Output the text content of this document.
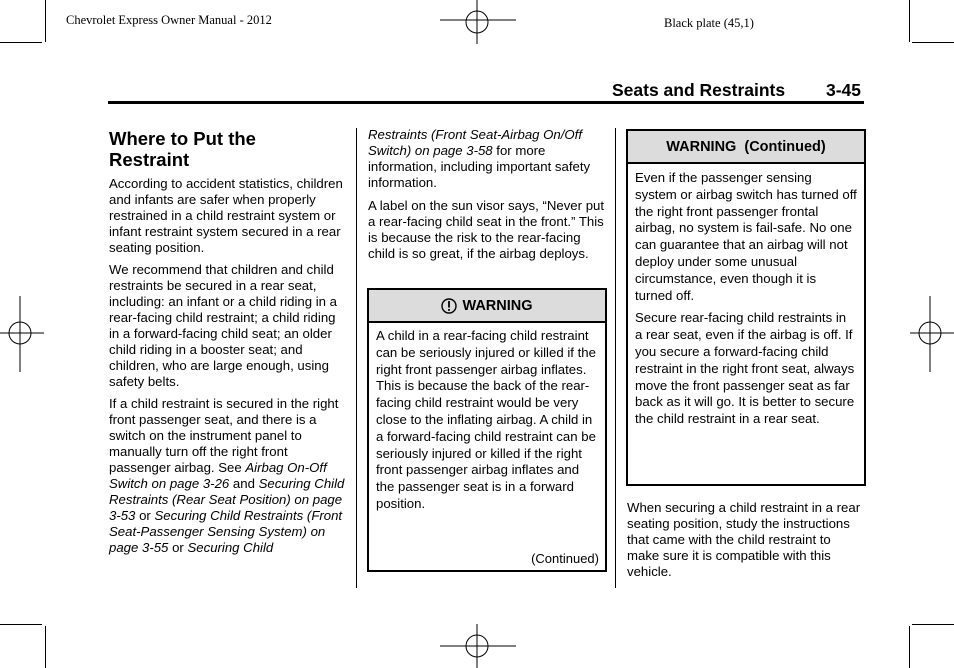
Chevrolet Express Owner Manual - 2012	Black plate (45,1)
Seats and Restraints 3-45
Where to Put the
Restraint

According to accident statistics, children and infants are safer when properly restrained in a child restraint system or infant restraint system secured in a rear seating position.

We recommend that children and child restraints be secured in a rear seat, including: an infant or a child riding in a rear-facing child restraint; a child riding in a forward-facing child seat; an older child riding in a booster seat; and children, who are large enough, using safety belts.

If a child restraint is secured in the right front passenger seat, and there is a switch on the instrument panel to manually turn off the right front passenger airbag. See Airbag On-Off Switch on page 3-26 and Securing Child Restraints (Rear Seat Position) on page 3-53 or Securing Child Restraints (Front Seat-Passenger Sensing System) on page 3-55 or Securing Child

Restraints (Front Seat-Airbag On/Off Switch) on page 3-58 for more information, including important safety information.

A label on the sun visor says, “Never put a rear-facing child seat in the front.” This is because the risk to the rear-facing child is so great, if the airbag deploys.

WARNING

A child in a rear-facing child restraint can be seriously injured or killed if the right front passenger airbag inflates. This is because the back of the rear-facing child restraint would be very close to the inflating airbag. A child in a forward-facing child restraint can be seriously injured or killed if the right front passenger airbag inflates and the passenger seat is in a forward position.

(Continued)
WARNING  (Continued)

Even if the passenger sensing system or airbag switch has turned off the right front passenger frontal airbag, no system is fail-safe. No one can guarantee that an airbag will not deploy under some unusual circumstance, even though it is turned off.

Secure rear-facing child restraints in a rear seat, even if the airbag is off. If you secure a forward-facing child restraint in the right front seat, always move the front passenger seat as far back as it will go. It is better to secure the child restraint in a rear seat.

When securing a child restraint in a rear seating position, study the instructions that came with the child restraint to make sure it is compatible with this vehicle.
